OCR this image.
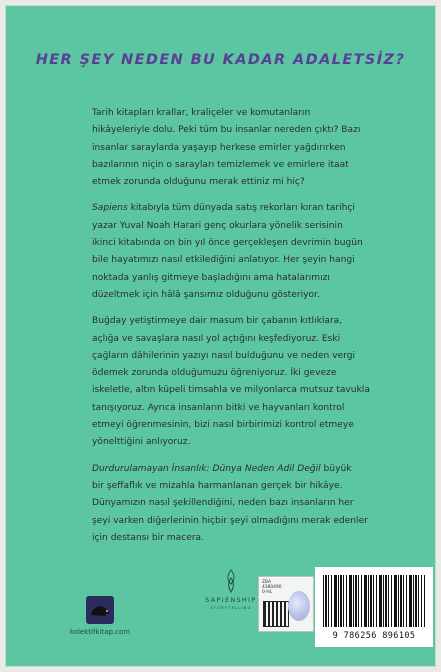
HER ŞEY NEDEN BU KADAR ADALETSİZ?
Tarih kitapları krallar, kraliçeler ve komutanların
hikâyeleriyle dolu. Peki tüm bu insanlar nereden çıktı? Bazı
insanlar saraylarda yaşayıp herkese emirler yağdırırken
bazılarının niçin o sarayları temizlemek ve emirlere itaat
etmek zorunda olduğunu merak ettiniz mi hiç?
Sapiens kitabıyla tüm dünyada satış rekorları kıran tarihçi
yazar Yuval Noah Harari genç okurlara yönelik serisinin
ikinci kitabında on bin yıl önce gerçekleşen devrimin bugün
bile hayatımızı nasıl etkilediğini anlatıyor. Her şeyin hangi
noktada yanlış gitmeye başladığını ama hatalarımızı
düzeltmek için hâlâ şansımız olduğunu gösteriyor.
Buğday yetiştirmeye dair masum bir çabanın kıtlıklara,
açlığa ve savaşlara nasıl yol açtığını keşfediyoruz. Eski
çağların dâhilerinin yazıyı nasıl bulduğunu ve neden vergi
ödemek zorunda olduğumuzu öğreniyoruz. İki geveze
iskeletle, altın küpeli timsahla ve milyonlarca mutsuz tavukla
tanışıyoruz. Ayrıca insanların bitki ve hayvanları kontrol
etmeyi öğrenmesinin, bizi nasıl birbirimizi kontrol etmeye
yönelttiğini anlıyoruz.
Durdurulamayan İnsanlık: Dünya Neden Adil Değil büyük
bir şeffaflık ve mizahla harmanlanan gerçek bir hikâye.
Dünyamızın nasıl şekillendiğini, neden bazı insanların her
şeyi varken diğerlerinin hiçbir şeyi olmadığını merak edenler
için destansı bir macera.
kolektifkitap.com
SAPIENSHIP
STORYTELLING
ZBA
4380490
0-HL
9 786256 896105
